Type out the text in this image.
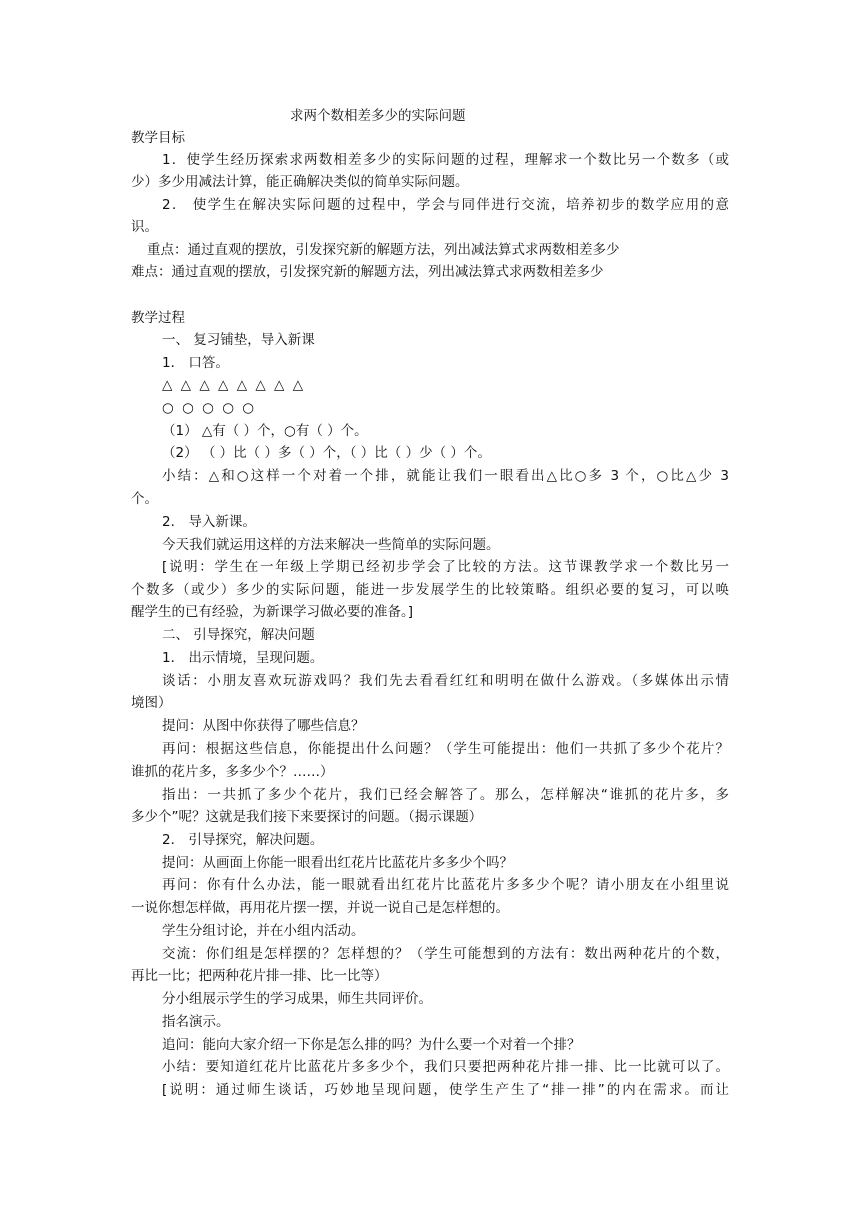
求两个数相差多少的实际问题
教学目标
1．使学生经历探索求两数相差多少的实际问题的过程，理解求一个数比另一个数多（或
少）多少用减法计算，能正确解决类似的简单实际问题。
2． 使学生在解决实际问题的过程中，学会与同伴进行交流，培养初步的数学应用的意
识。
重点：通过直观的摆放，引发探究新的解题方法，列出减法算式求两数相差多少
难点：通过直观的摆放，引发探究新的解题方法，列出减法算式求两数相差多少
教学过程
一、 复习铺垫，导入新课
1． 口答。
△ △ △ △ △ △ △ △
○ ○ ○ ○ ○
（1） △有（ ）个，○有（ ）个。
（2） （ ）比（ ）多（ ）个，（ ）比（ ）少（ ）个。
小结：△和○这样一个对着一个排，就能让我们一眼看出△比○多 3 个，○比△少 3
个。
2． 导入新课。
今天我们就运用这样的方法来解决一些简单的实际问题。
[说明：学生在一年级上学期已经初步学会了比较的方法。这节课教学求一个数比另一
个数多（或少）多少的实际问题，能进一步发展学生的比较策略。组织必要的复习，可以唤
醒学生的已有经验，为新课学习做必要的准备。]
二、 引导探究，解决问题
1． 出示情境，呈现问题。
谈话：小朋友喜欢玩游戏吗？我们先去看看红红和明明在做什么游戏。（多媒体出示情
境图）
提问：从图中你获得了哪些信息？
再问：根据这些信息，你能提出什么问题？（学生可能提出：他们一共抓了多少个花片？
谁抓的花片多，多多少个？……）
指出：一共抓了多少个花片，我们已经会解答了。那么，怎样解决“谁抓的花片多，多
多少个”呢？这就是我们接下来要探讨的问题。（揭示课题）
2． 引导探究，解决问题。
提问：从画面上你能一眼看出红花片比蓝花片多多少个吗？
再问：你有什么办法，能一眼就看出红花片比蓝花片多多少个呢？请小朋友在小组里说
一说你想怎样做，再用花片摆一摆，并说一说自己是怎样想的。
学生分组讨论，并在小组内活动。
交流：你们组是怎样摆的？怎样想的？（学生可能想到的方法有：数出两种花片的个数，
再比一比；把两种花片排一排、比一比等）
分小组展示学生的学习成果，师生共同评价。
指名演示。
追问：能向大家介绍一下你是怎么排的吗？为什么要一个对着一个排？
小结：要知道红花片比蓝花片多多少个，我们只要把两种花片排一排、比一比就可以了。
[说明：通过师生谈话，巧妙地呈现问题，使学生产生了“排一排”的内在需求。而让
